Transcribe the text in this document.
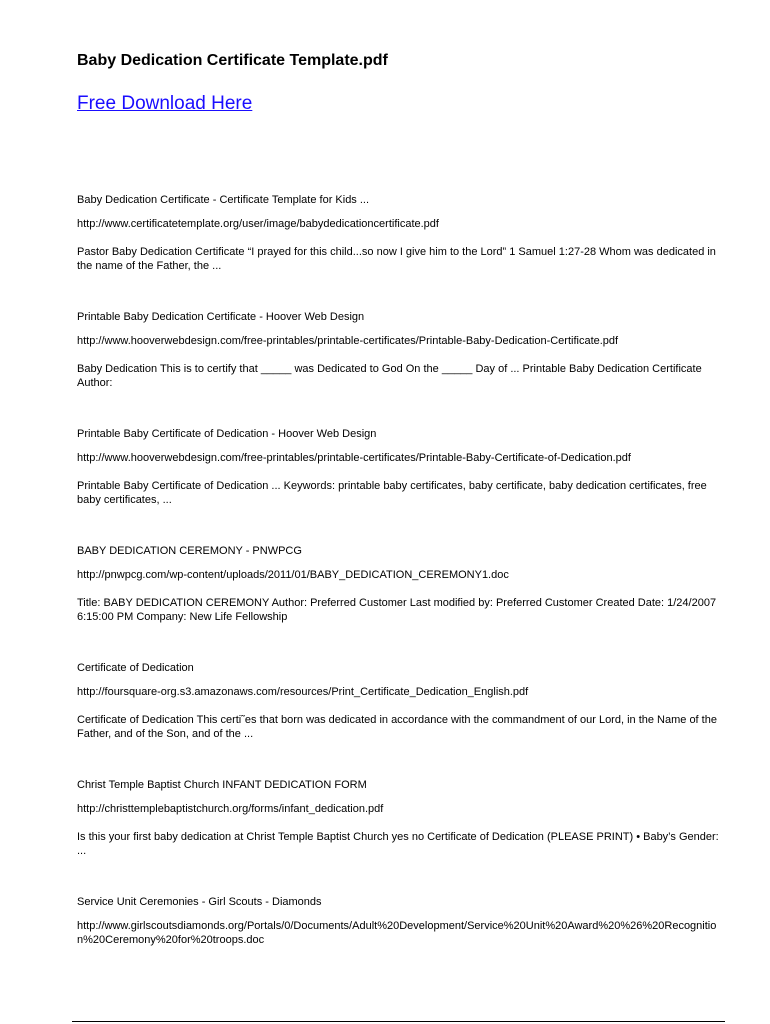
Baby Dedication Certificate Template.pdf
Free Download Here

Baby Dedication Certificate - Certificate Template for Kids ...

http://www.certificatetemplate.org/user/image/babydedicationcertificate.pdf

Pastor Baby Dedication Certificate “I prayed for this child...so now I give him to the Lord” 1 Samuel 1:27-28 Whom was dedicated in the name of the Father, the ...

Printable Baby Dedication Certificate - Hoover Web Design

http://www.hooverwebdesign.com/free-printables/printable-certificates/Printable-Baby-Dedication-Certificate.pdf

Baby Dedication This is to certify that _____ was Dedicated to God On the _____ Day of ... Printable Baby Dedication Certificate Author:

Printable Baby Certificate of Dedication - Hoover Web Design

http://www.hooverwebdesign.com/free-printables/printable-certificates/Printable-Baby-Certificate-of-Dedication.pdf

Printable Baby Certificate of Dedication ... Keywords: printable baby certificates, baby certificate, baby dedication certificates, free baby certificates, ...

BABY DEDICATION CEREMONY - PNWPCG

http://pnwpcg.com/wp-content/uploads/2011/01/BABY_DEDICATION_CEREMONY1.doc

Title: BABY DEDICATION CEREMONY Author: Preferred Customer Last modified by: Preferred Customer Created Date: 1/24/2007 6:15:00 PM Company: New Life Fellowship

Certificate of Dedication

http://foursquare-org.s3.amazonaws.com/resources/Print_Certificate_Dedication_English.pdf

Certificate of Dedication This certi˜es that born was dedicated in accordance with the commandment of our Lord, in the Name of the Father, and of the Son, and of the ...

Christ Temple Baptist Church INFANT DEDICATION FORM

http://christtemplebaptistchurch.org/forms/infant_dedication.pdf

Is this your first baby dedication at Christ Temple Baptist Church yes no Certificate of Dedication (PLEASE PRINT) • Baby’s Gender: ...

Service Unit Ceremonies - Girl Scouts - Diamonds

http://www.girlscoutsdiamonds.org/Portals/0/Documents/Adult%20Development/Service%20Unit%20Award%20%26%20Recognition%20Ceremony%20for%20troops.doc
